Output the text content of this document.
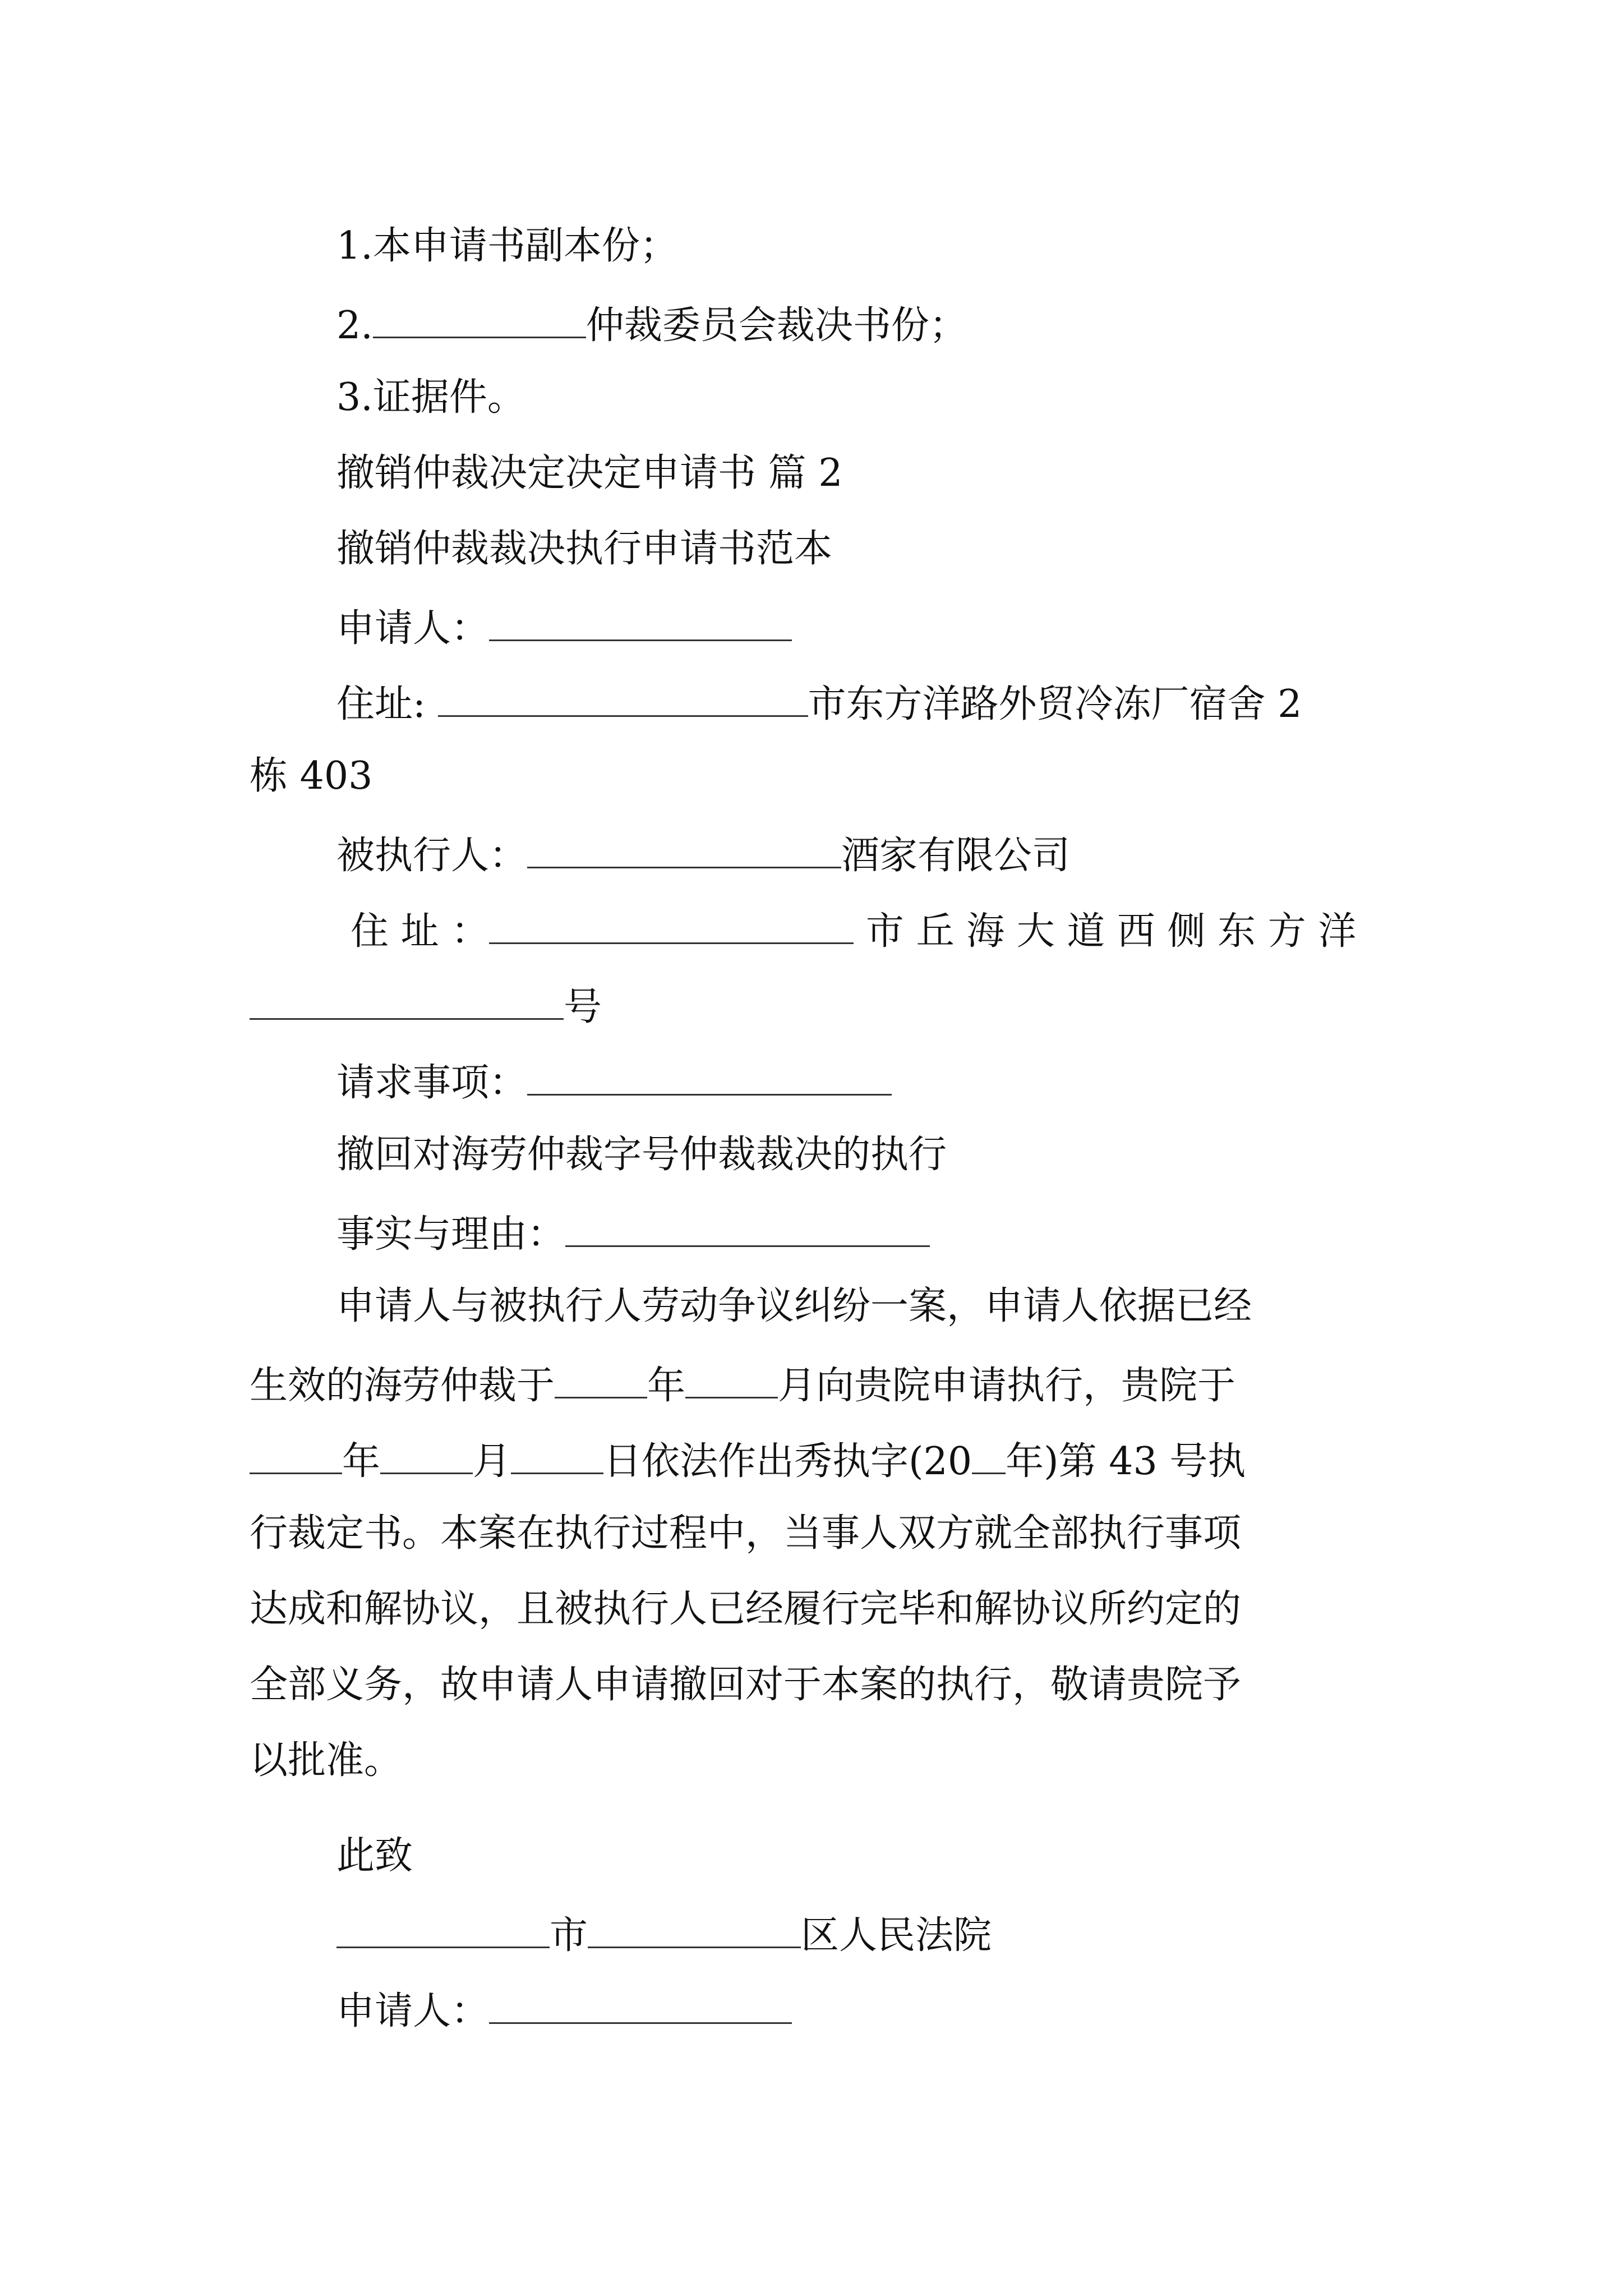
1.本申请书副本份；
2.	仲裁委员会裁决书份；
3.证据件。
撤销仲裁决定决定申请书 篇 2
撤销仲裁裁决执行申请书范本
申请人：
住址:	市东方洋路外贸冷冻厂宿舍 2
栋 403
被执行人：	酒家有限公司
住 址 ：	市 丘 海 大 道 西 侧 东 方 洋
号
请求事项：
撤回对海劳仲裁字号仲裁裁决的执行
事实与理由：
申请人与被执行人劳动争议纠纷一案，申请人依据已经
生效的海劳仲裁于 年 月向贵院申请执行，贵院于
年 月 日依法作出秀执字(20 年)第 43 号执
行裁定书。本案在执行过程中，当事人双方就全部执行事项
达成和解协议，且被执行人已经履行完毕和解协议所约定的
全部义务，故申请人申请撤回对于本案的执行，敬请贵院予
以批准。
此致
市	区人民法院
申请人：
